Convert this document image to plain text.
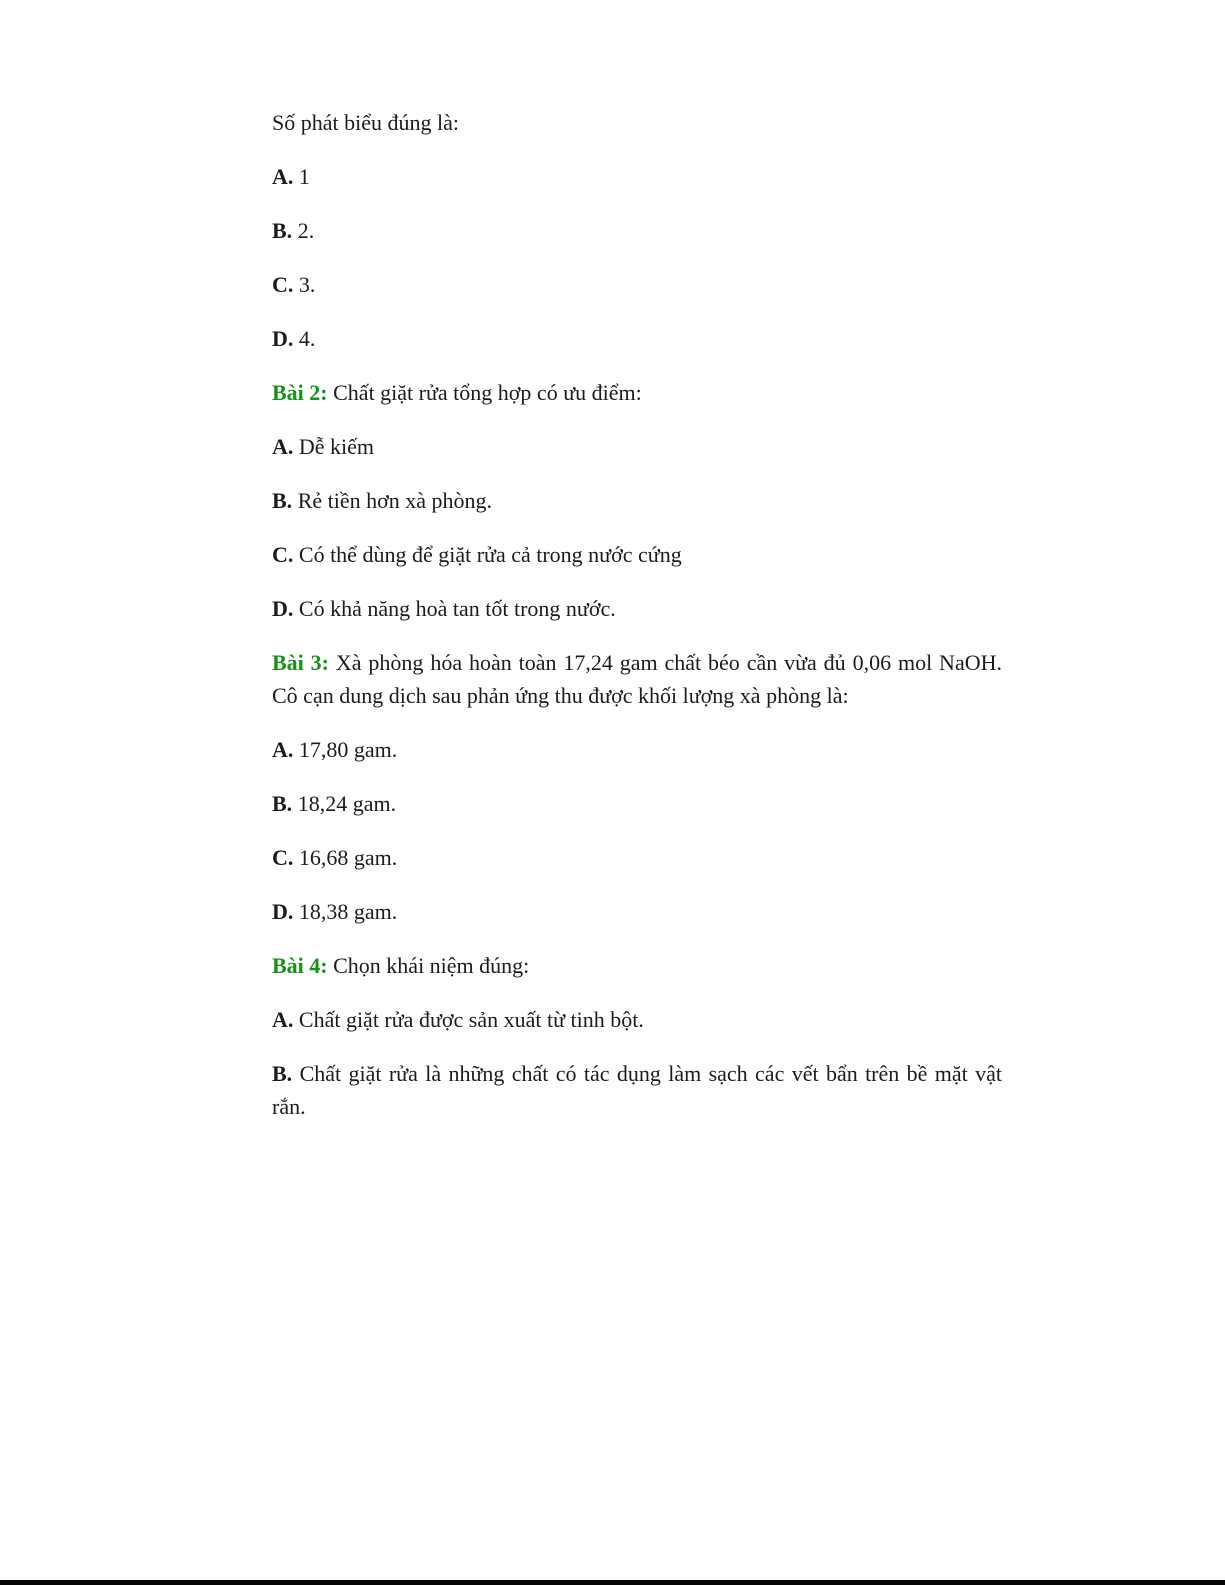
Số phát biểu đúng là:

A. 1

B. 2.

C. 3.

D. 4.

Bài 2: Chất giặt rửa tổng hợp có ưu điểm:

A. Dễ kiếm

B. Rẻ tiền hơn xà phòng.

C. Có thể dùng để giặt rửa cả trong nước cứng

D. Có khả năng hoà tan tốt trong nước.

Bài 3: Xà phòng hóa hoàn toàn 17,24 gam chất béo cần vừa đủ 0,06 mol NaOH. Cô cạn dung dịch sau phản ứng thu được khối lượng xà phòng là:

A. 17,80 gam.

B. 18,24 gam.

C. 16,68 gam.

D. 18,38 gam.

Bài 4: Chọn khái niệm đúng:

A. Chất giặt rửa được sản xuất từ tinh bột.

B. Chất giặt rửa là những chất có tác dụng làm sạch các vết bẩn trên bề mặt vật rắn.
